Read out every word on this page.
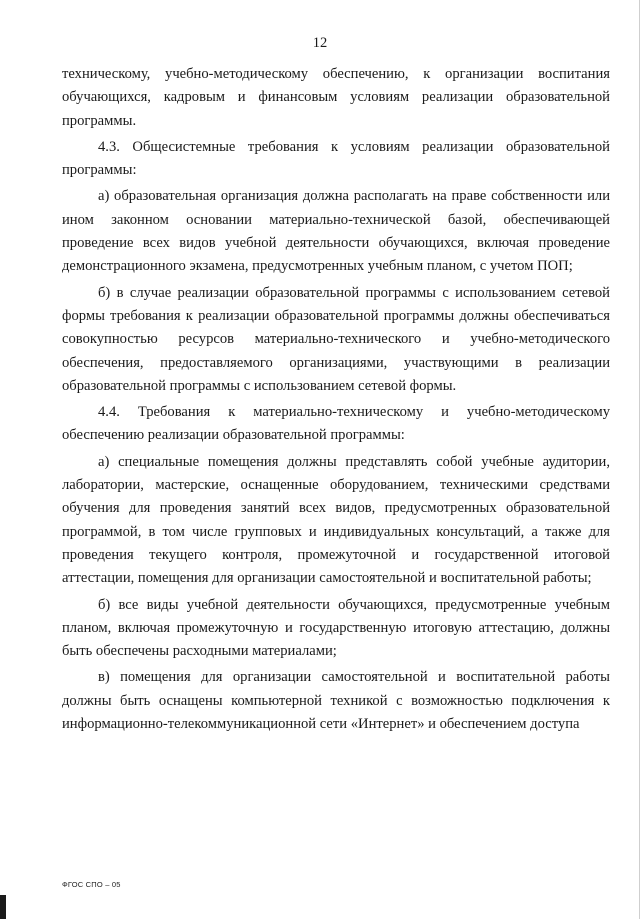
12

техническому, учебно-методическому обеспечению, к организации воспитания обучающихся, кадровым и финансовым условиям реализации образовательной программы.

4.3. Общесистемные требования к условиям реализации образовательной программы:

а) образовательная организация должна располагать на праве собственности или ином законном основании материально-технической базой, обеспечивающей проведение всех видов учебной деятельности обучающихся, включая проведение демонстрационного экзамена, предусмотренных учебным планом, с учетом ПОП;

б) в случае реализации образовательной программы с использованием сетевой формы требования к реализации образовательной программы должны обеспечиваться совокупностью ресурсов материально-технического и учебно-методического обеспечения, предоставляемого организациями, участвующими в реализации образовательной программы с использованием сетевой формы.

4.4. Требования к материально-техническому и учебно-методическому обеспечению реализации образовательной программы:

а) специальные помещения должны представлять собой учебные аудитории, лаборатории, мастерские, оснащенные оборудованием, техническими средствами обучения для проведения занятий всех видов, предусмотренных образовательной программой, в том числе групповых и индивидуальных консультаций, а также для проведения текущего контроля, промежуточной и государственной итоговой аттестации, помещения для организации самостоятельной и воспитательной работы;

б) все виды учебной деятельности обучающихся, предусмотренные учебным планом, включая промежуточную и государственную итоговую аттестацию, должны быть обеспечены расходными материалами;

в) помещения для организации самостоятельной и воспитательной работы должны быть оснащены компьютерной техникой с возможностью подключения к информационно-телекоммуникационной сети «Интернет» и обеспечением доступа

ФГОС СПО – 05
